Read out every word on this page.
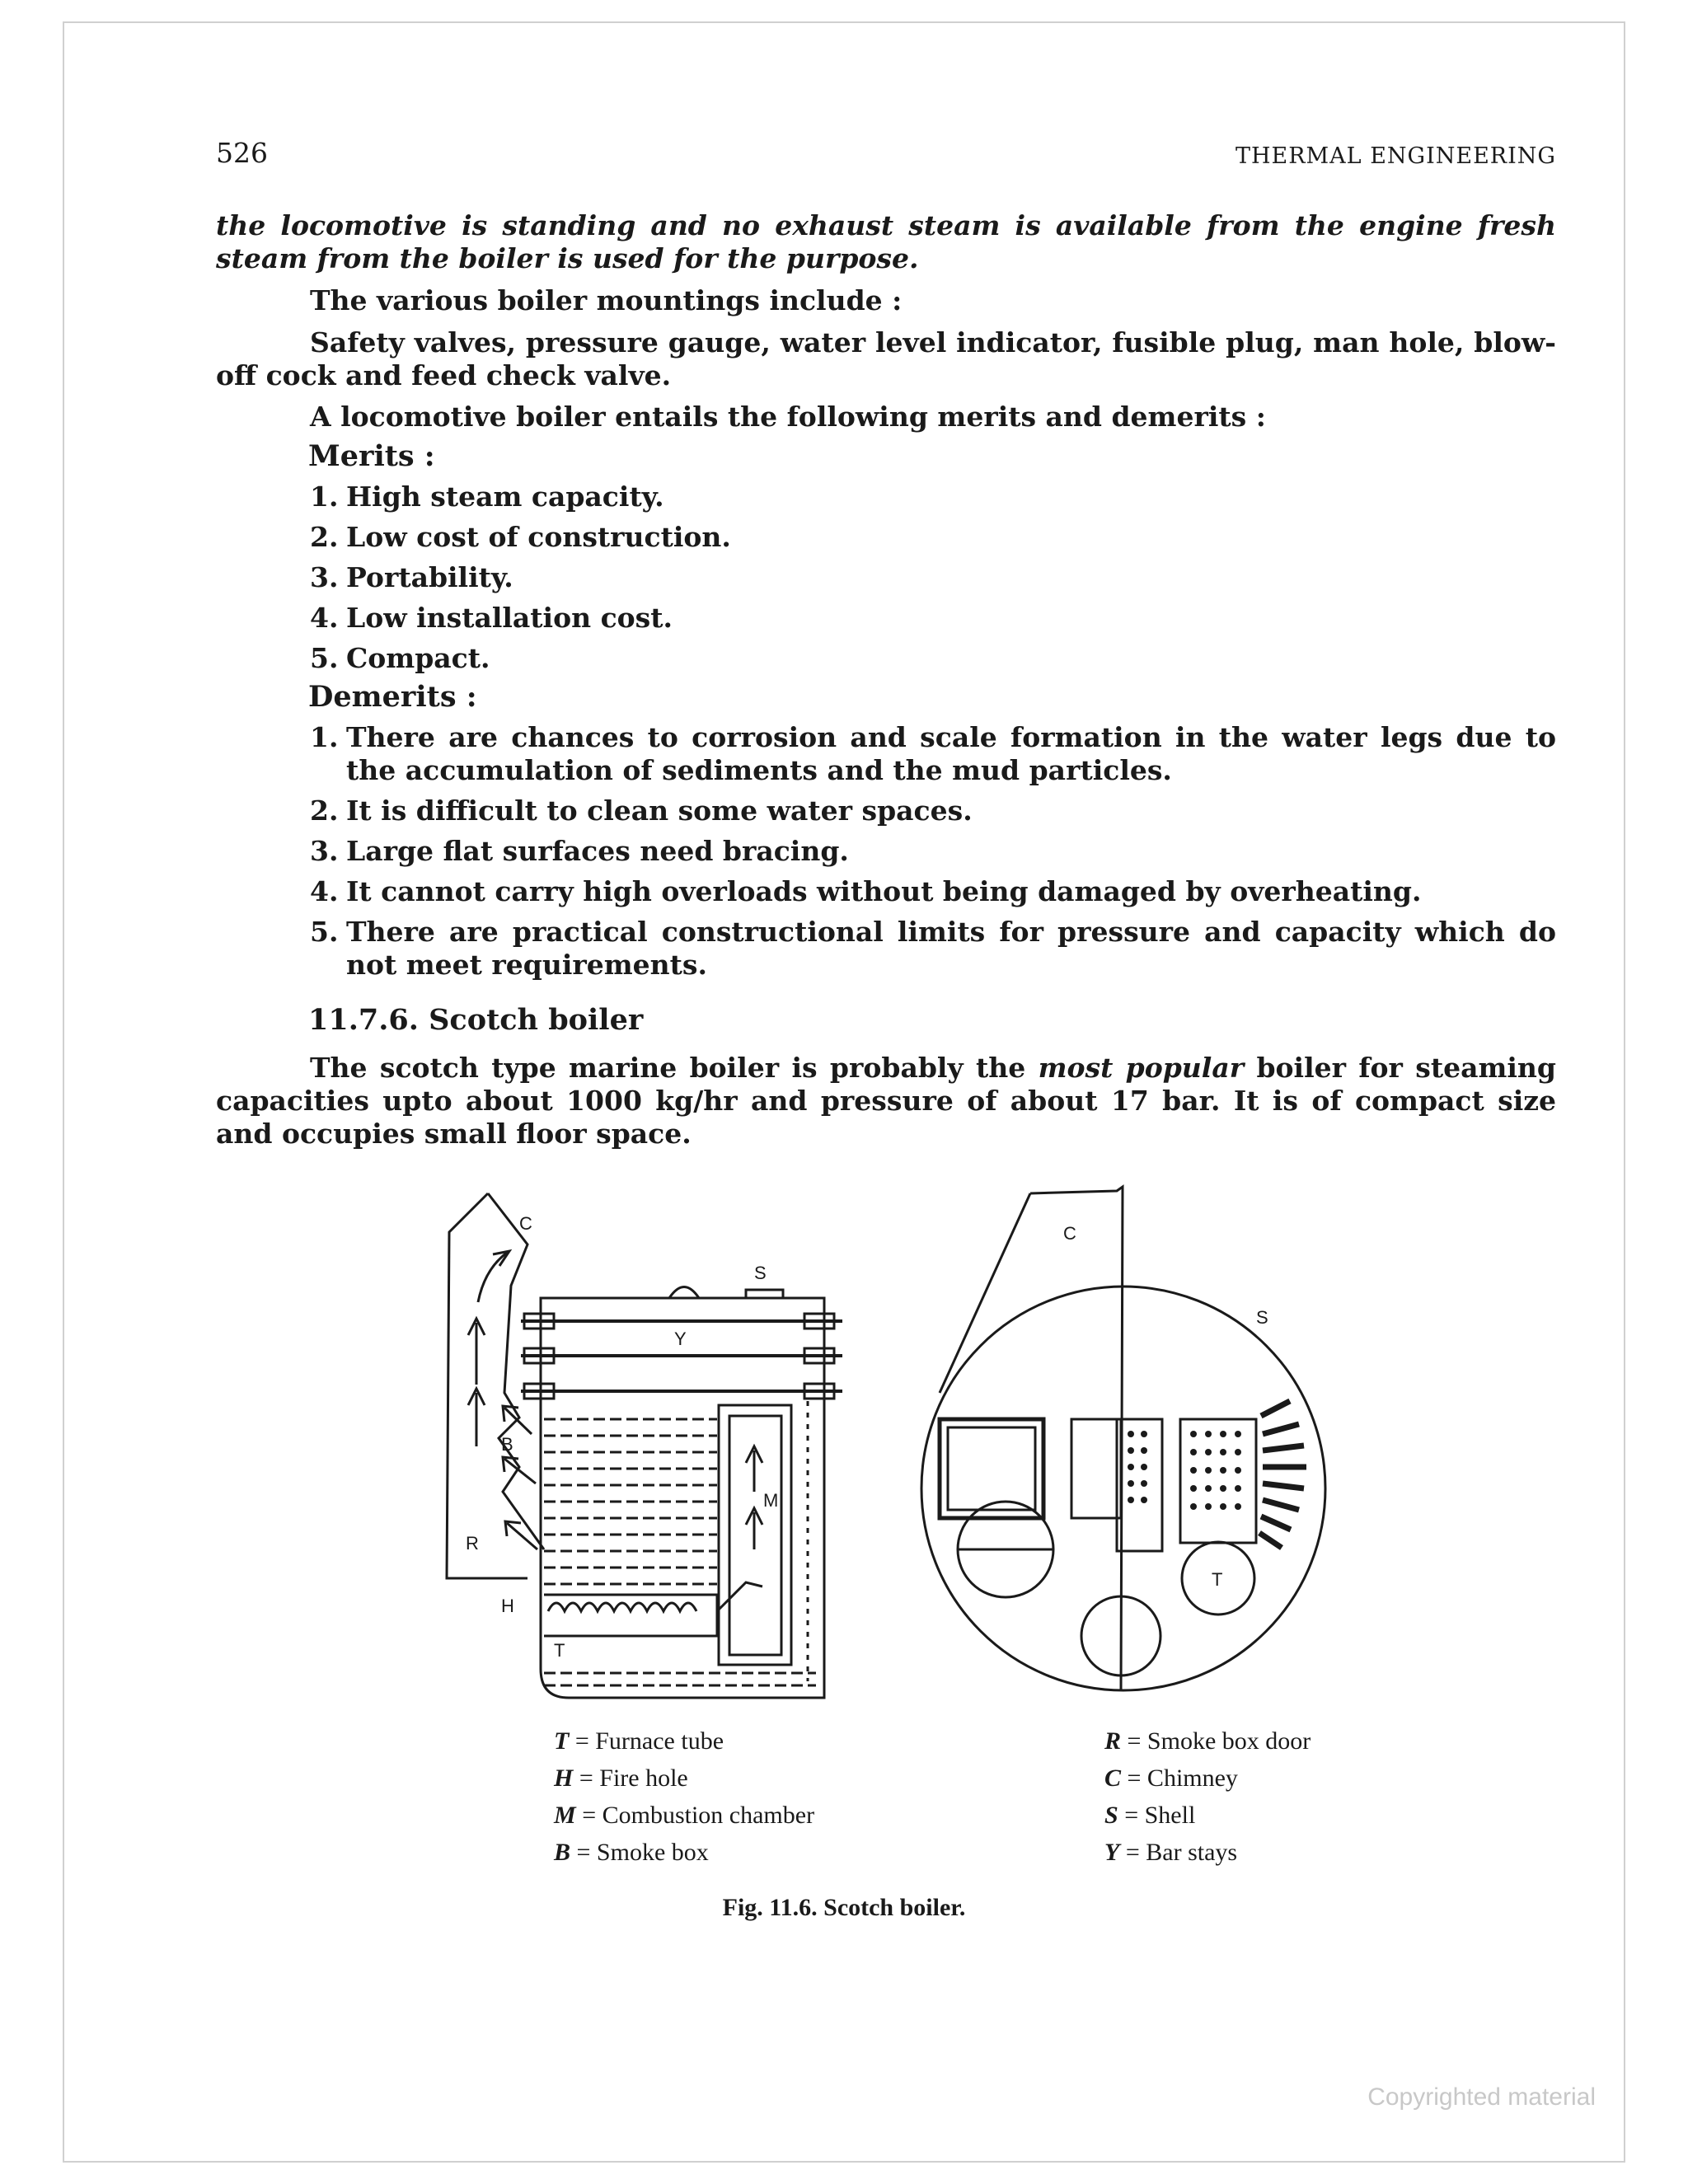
526	THERMAL ENGINEERING
the locomotive is standing and no exhaust steam is available from the engine fresh steam from the boiler is used for the purpose.
The various boiler mountings include :
Safety valves, pressure gauge, water level indicator, fusible plug, man hole, blow-off cock and feed check valve.
A locomotive boiler entails the following merits and demerits :
Merits :
1. High steam capacity.
2. Low cost of construction.
3. Portability.
4. Low installation cost.
5. Compact.
Demerits :
1. There are chances to corrosion and scale formation in the water legs due to the accumulation of sediments and the mud particles.
2. It is difficult to clean some water spaces.
3. Large flat surfaces need bracing.
4. It cannot carry high overloads without being damaged by overheating.
5. There are practical constructional limits for pressure and capacity which do not meet requirements.
11.7.6. Scotch boiler
The scotch type marine boiler is probably the most popular boiler for steaming capacities upto about 1000 kg/hr and pressure of about 17 bar. It is of compact size and occupies small floor space.
C
S
Y
B
M
R
H
T
C
S
T
T = Furnace tube
H = Fire hole
M = Combustion chamber
B = Smoke box
R = Smoke box door
C = Chimney
S = Shell
Y = Bar stays
Fig. 11.6. Scotch boiler.
Copyrighted material
